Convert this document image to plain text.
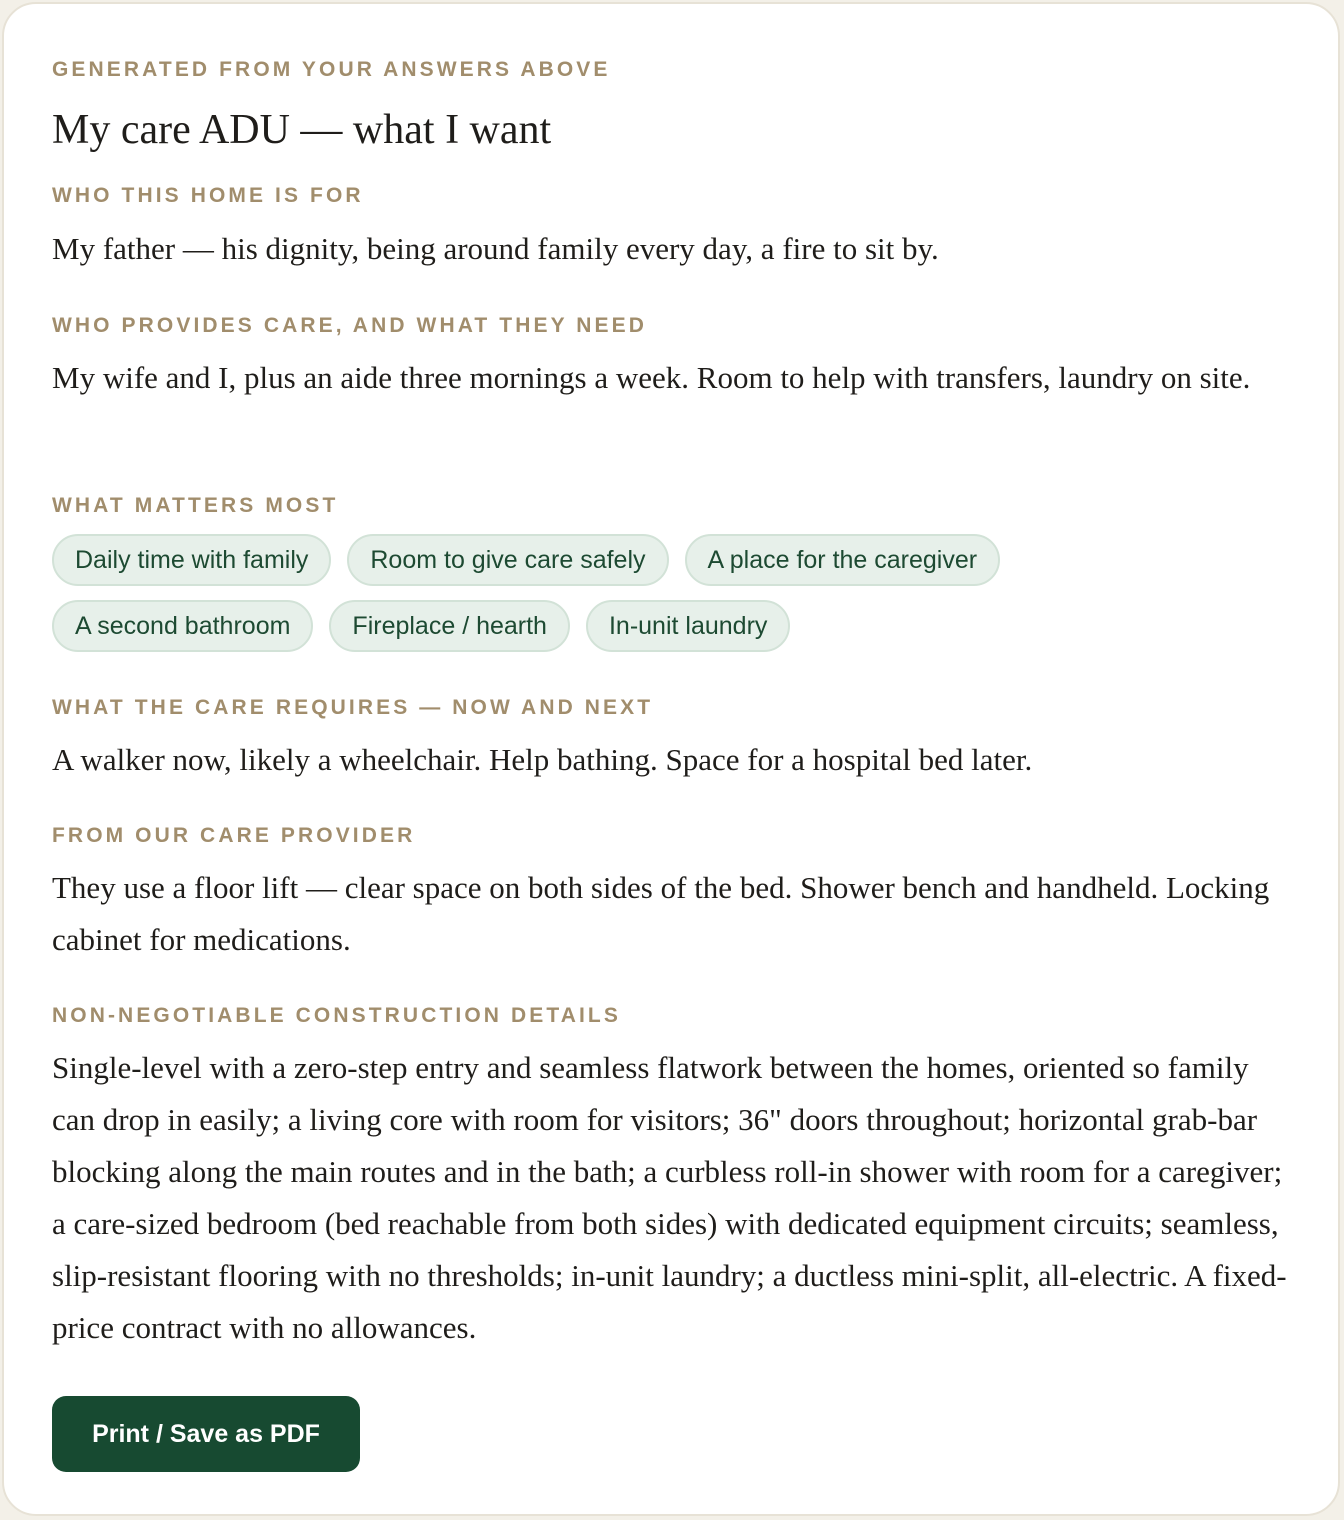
GENERATED FROM YOUR ANSWERS ABOVE
My care ADU — what I want
WHO THIS HOME IS FOR

My father — his dignity, being around family every day, a fire to sit by.

WHO PROVIDES CARE, AND WHAT THEY NEED

My wife and I, plus an aide three mornings a week. Room to help with transfers, laundry on site.

WHAT MATTERS MOST
Daily time with family	Room to give care safely	A place for the caregiver
A second bathroom	Fireplace / hearth	In-unit laundry
WHAT THE CARE REQUIRES — NOW AND NEXT

A walker now, likely a wheelchair. Help bathing. Space for a hospital bed later.

FROM OUR CARE PROVIDER

They use a floor lift — clear space on both sides of the bed. Shower bench and handheld. Locking cabinet for medications.

NON-NEGOTIABLE CONSTRUCTION DETAILS

Single-level with a zero-step entry and seamless flatwork between the homes, oriented so family can drop in easily; a living core with room for visitors; 36" doors throughout; horizontal grab-bar blocking along the main routes and in the bath; a curbless roll-in shower with room for a caregiver; a care-sized bedroom (bed reachable from both sides) with dedicated equipment circuits; seamless, slip-resistant flooring with no thresholds; in-unit laundry; a ductless mini-split, all-electric. A fixed-price contract with no allowances.

Print / Save as PDF
